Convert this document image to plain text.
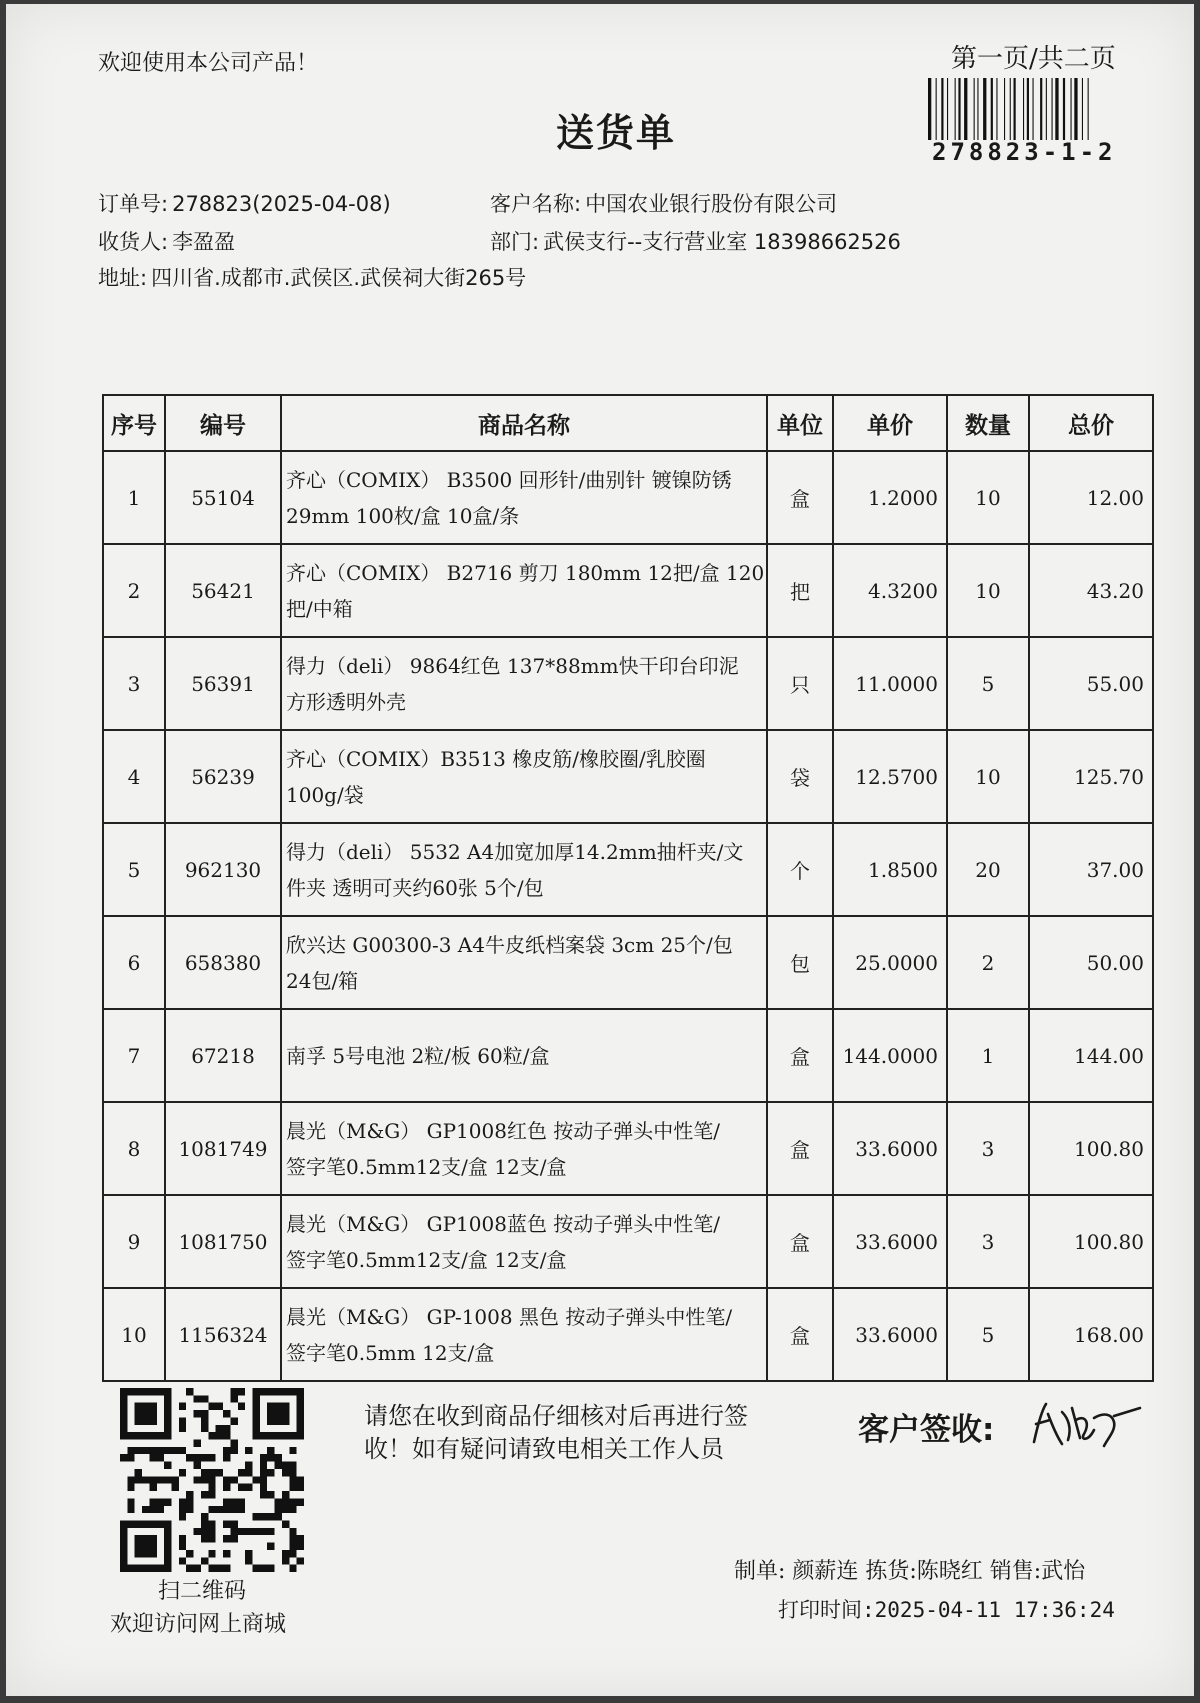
欢迎使用本公司产品！
送货单
第一页/共二页
278823-1-2
订单号: 278823(2025-04-08)	客户名称: 中国农业银行股份有限公司
收货人: 李盈盈	部门: 武侯支行--支行营业室 18398662526
地址: 四川省.成都市.武侯区.武侯祠大街265号
序号	编号	商品名称	单位	单价	数量	总价
1	55104	齐心（COMIX） B3500 回形针/曲别针 镀镍防锈
29mm 100枚/盒 10盒/条	盒	1.2000	10	12.00
2	56421	齐心（COMIX） B2716 剪刀 180mm 12把/盒 120
把/中箱	把	4.3200	10	43.20
3	56391	得力（deli） 9864红色 137*88mm快干印台印泥
方形透明外壳	只	11.0000	5	55.00
4	56239	齐心（COMIX）B3513 橡皮筋/橡胶圈/乳胶圈
100g/袋	袋	12.5700	10	125.70
5	962130	得力（deli） 5532 A4加宽加厚14.2mm抽杆夹/文
件夹 透明可夹约60张 5个/包	个	1.8500	20	37.00
6	658380	欣兴达 G00300-3 A4牛皮纸档案袋 3cm 25个/包
24包/箱	包	25.0000	2	50.00
7	67218	南孚 5号电池 2粒/板 60粒/盒	盒	144.0000	1	144.00
8	1081749	晨光（M&G） GP1008红色 按动子弹头中性笔/
签字笔0.5mm12支/盒 12支/盒	盒	33.6000	3	100.80
9	1081750	晨光（M&G） GP1008蓝色 按动子弹头中性笔/
签字笔0.5mm12支/盒 12支/盒	盒	33.6000	3	100.80
10	1156324	晨光（M&G） GP-1008 黑色 按动子弹头中性笔/
签字笔0.5mm 12支/盒	盒	33.6000	5	168.00
扫二维码
欢迎访问网上商城
请您在收到商品仔细核对后再进行签收！如有疑问请致电相关工作人员
客户签收:
制单: 颜薪连 拣货:陈晓红 销售:武怡
打印时间:2025-04-11 17:36:24
